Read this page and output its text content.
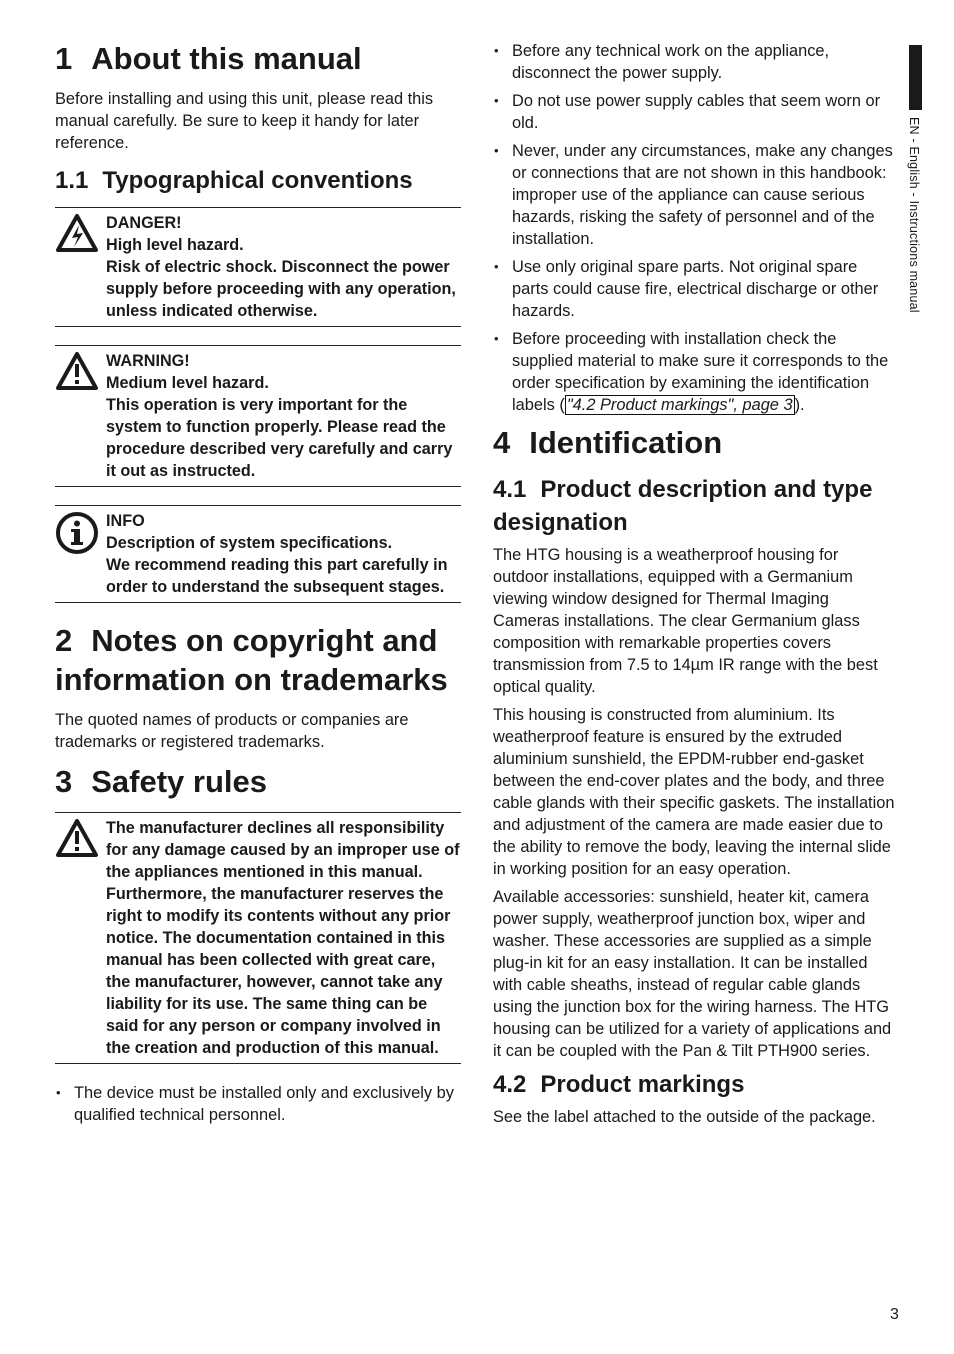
EN - English - Instructions manual
1 About this manual

Before installing and using this unit, please read this manual carefully. Be sure to keep it handy for later reference.

1.1 Typographical conventions
DANGER!
High level hazard.
Risk of electric shock. Disconnect the power supply before proceeding with any operation, unless indicated otherwise.
WARNING!
Medium level hazard.
This operation is very important for the system to function properly. Please read the procedure described very carefully and carry it out as instructed.
INFO
Description of system specifications.
We recommend reading this part carefully in order to understand the subsequent stages.
2 Notes on copyright and information on trademarks

The quoted names of products or companies are trademarks or registered trademarks.

3 Safety rules
The manufacturer declines all responsibility for any damage caused by an improper use of the appliances mentioned in this manual. Furthermore, the manufacturer reserves the right to modify its contents without any prior notice. The documentation contained in this manual has been collected with great care, the manufacturer, however, cannot take any liability for its use. The same thing can be said for any person or company involved in the creation and production of this manual.
• The device must be installed only and exclusively by qualified technical personnel.
• Before any technical work on the appliance, disconnect the power supply.
• Do not use power supply cables that seem worn or old.
• Never, under any circumstances, make any changes or connections that are not shown in this handbook: improper use of the appliance can cause serious hazards, risking the safety of personnel and of the installation.
• Use only original spare parts. Not original spare parts could cause fire, electrical discharge or other hazards.
• Before proceeding with installation check the supplied material to make sure it corresponds to the order specification by examining the identification labels ( "4.2 Product markings", page 3 ).
4 Identification
4.1 Product description and type designation

The HTG housing is a weatherproof housing for outdoor installations, equipped with a Germanium viewing window designed for Thermal Imaging Cameras installations. The clear Germanium glass composition with remarkable properties covers transmission from 7.5 to 14µm IR range with the best optical quality.

This housing is constructed from aluminium. Its weatherproof feature is ensured by the extruded aluminium sunshield, the EPDM-rubber end-gasket between the end-cover plates and the body, and three cable glands with their specific gaskets. The installation and adjustment of the camera are made easier due to the ability to remove the body, leaving the internal slide in working position for an easy operation.

Available accessories: sunshield, heater kit, camera power supply, weatherproof junction box, wiper and washer. These accessories are supplied as a simple plug-in kit for an easy installation. It can be installed with cable sheaths, instead of regular cable glands using the junction box for the wiring harness. The HTG housing can be utilized for a variety of applications and it can be coupled with the Pan & Tilt PTH900 series.

4.2 Product markings

See the label attached to the outside of the package.

3
